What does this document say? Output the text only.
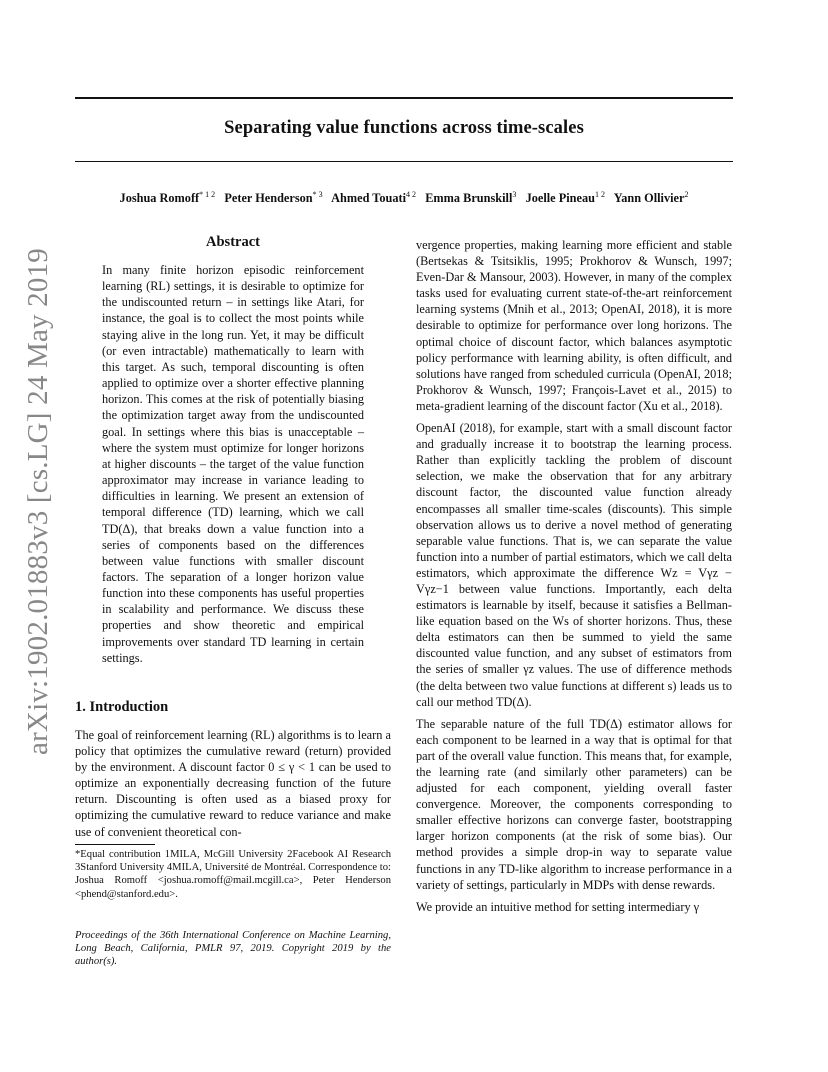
arXiv:1902.01883v3 [cs.LG] 24 May 2019
Separating value functions across time-scales
Joshua Romoff$^{* 1 2}$ Peter Henderson$^{* 3}$ Ahmed Touati$^{4 2}$ Emma Brunskill$^3$ Joelle Pineau$^{1 2}$ Yann Ollivier$^2$
Abstract
In many finite horizon episodic reinforcement learning (RL) settings, it is desirable to optimize for the undiscounted return – in settings like Atari, for instance, the goal is to collect the most points while staying alive in the long run. Yet, it may be difficult (or even intractable) mathematically to learn with this target. As such, temporal discounting is often applied to optimize over a shorter effective planning horizon. This comes at the risk of potentially biasing the optimization target away from the undiscounted goal. In settings where this bias is unacceptable – where the system must optimize for longer horizons at higher discounts – the target of the value function approximator may increase in variance leading to difficulties in learning. We present an extension of temporal difference (TD) learning, which we call TD(Δ), that breaks down a value function into a series of components based on the differences between value functions with smaller discount factors. The separation of a longer horizon value function into these components has useful properties in scalability and performance. We discuss these properties and show theoretic and empirical improvements over standard TD learning in certain settings.
1. Introduction

The goal of reinforcement learning (RL) algorithms is to learn a policy that optimizes the cumulative reward (return) provided by the environment. A discount factor 0 ≤ γ < 1 can be used to optimize an exponentially decreasing function of the future return. Discounting is often used as a biased proxy for optimizing the cumulative reward to reduce variance and make use of convenient theoretical con-

*Equal contribution 1MILA, McGill University 2Facebook AI Research 3Stanford University 4MILA, Université de Montréal. Correspondence to: Joshua Romoff <joshua.romoff@mail.mcgill.ca>, Peter Henderson <phend@stanford.edu>.
Proceedings of the 36th International Conference on Machine Learning, Long Beach, California, PMLR 97, 2019. Copyright 2019 by the author(s).

vergence properties, making learning more efficient and stable (Bertsekas & Tsitsiklis, 1995; Prokhorov & Wunsch, 1997; Even-Dar & Mansour, 2003). However, in many of the complex tasks used for evaluating current state-of-the-art reinforcement learning systems (Mnih et al., 2013; OpenAI, 2018), it is more desirable to optimize for performance over long horizons. The optimal choice of discount factor, which balances asymptotic policy performance with learning ability, is often difficult, and solutions have ranged from scheduled curricula (OpenAI, 2018; Prokhorov & Wunsch, 1997; François-Lavet et al., 2015) to meta-gradient learning of the discount factor (Xu et al., 2018).

OpenAI (2018), for example, start with a small discount factor and gradually increase it to bootstrap the learning process. Rather than explicitly tackling the problem of discount selection, we make the observation that for any arbitrary discount factor, the discounted value function already encompasses all smaller time-scales (discounts). This simple observation allows us to derive a novel method of generating separable value functions. That is, we can separate the value function into a number of partial estimators, which we call delta estimators, which approximate the difference Wz = Vγz − Vγz−1 between value functions. Importantly, each delta estimators is learnable by itself, because it satisfies a Bellman-like equation based on the Ws of shorter horizons. Thus, these delta estimators can then be summed to yield the same discounted value function, and any subset of estimators from the series of smaller γz values. The use of difference methods (the delta between two value functions at different s) leads us to call our method TD(Δ).

The separable nature of the full TD(Δ) estimator allows for each component to be learned in a way that is optimal for that part of the overall value function. This means that, for example, the learning rate (and similarly other parameters) can be adjusted for each component, yielding overall faster convergence. Moreover, the components corresponding to smaller effective horizons can converge faster, bootstrapping larger horizon components (at the risk of some bias). Our method provides a simple drop-in way to separate value functions in any TD-like algorithm to increase performance in a variety of settings, particularly in MDPs with dense rewards.

We provide an intuitive method for setting intermediary γ
